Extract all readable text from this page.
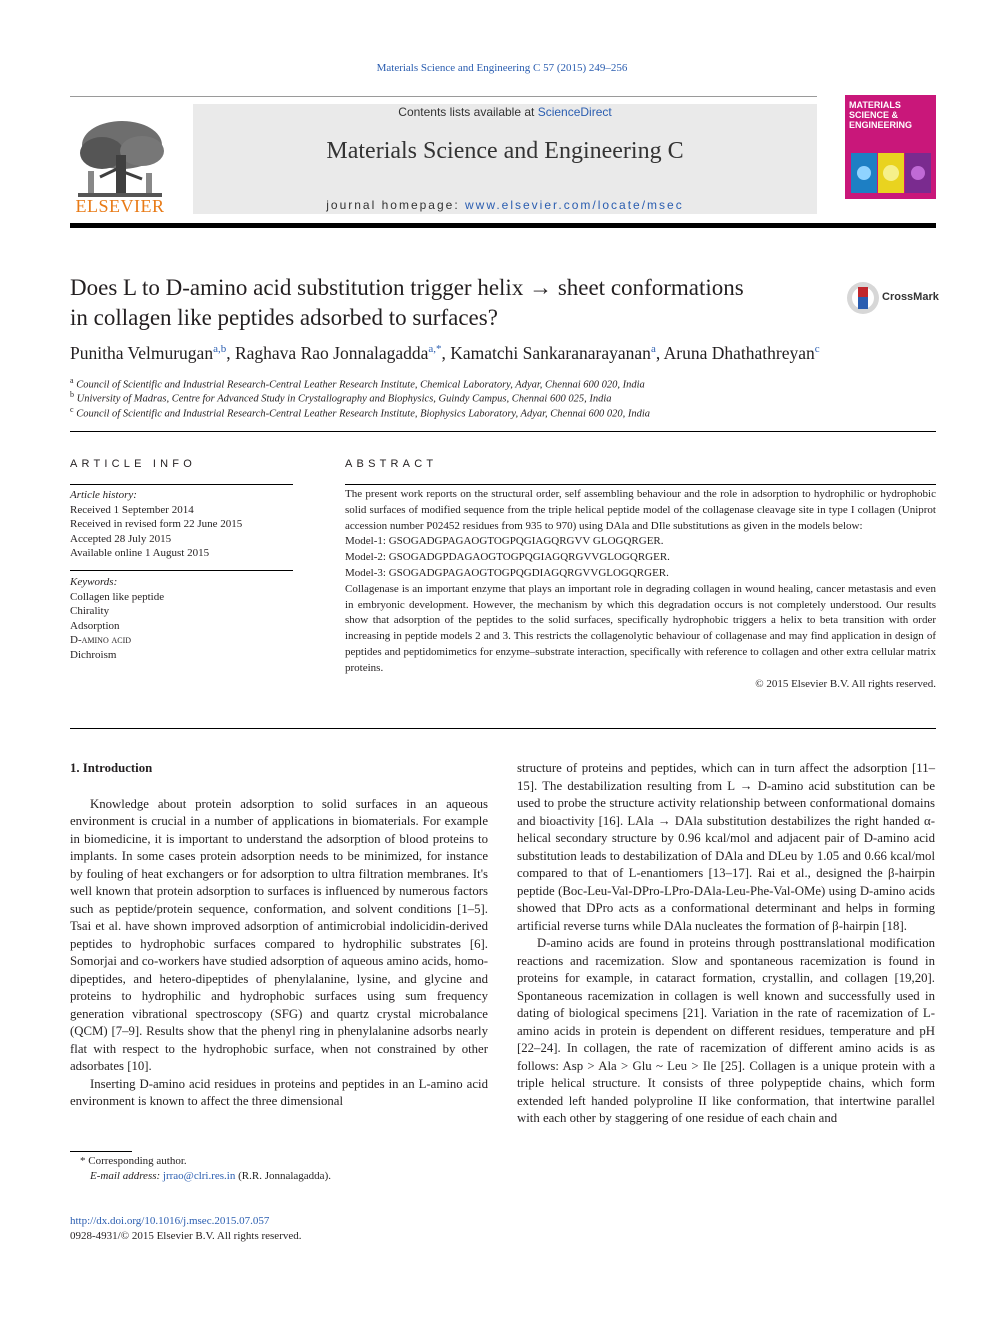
Materials Science and Engineering C 57 (2015) 249–256
Contents lists available at ScienceDirect
Materials Science and Engineering C
journal homepage: www.elsevier.com/locate/msec
ELSEVIER
MATERIALS SCIENCE & ENGINEERING
Does L to D-amino acid substitution trigger helix → sheet conformations
in collagen like peptides adsorbed to surfaces?
CrossMark
Punitha Velmurugan$^{a,b}$, Raghava Rao Jonnalagadda$^{a,*}$, Kamatchi Sankaranarayanan$^a$, Aruna Dhathathreyan$^c$
$^a$ Council of Scientific and Industrial Research-Central Leather Research Institute, Chemical Laboratory, Adyar, Chennai 600 020, India
$^b$ University of Madras, Centre for Advanced Study in Crystallography and Biophysics, Guindy Campus, Chennai 600 025, India
$^c$ Council of Scientific and Industrial Research-Central Leather Research Institute, Biophysics Laboratory, Adyar, Chennai 600 020, India
ARTICLE INFO
Article history:
Received 1 September 2014
Received in revised form 22 June 2015
Accepted 28 July 2015
Available online 1 August 2015
Keywords:
Collagen like peptide
Chirality
Adsorption
D-amino acid
Dichroism
ABSTRACT

The present work reports on the structural order, self assembling behaviour and the role in adsorption to hydrophilic or hydrophobic solid surfaces of modified sequence from the triple helical peptide model of the collagenase cleavage site in type I collagen (Uniprot accession number P02452 residues from 935 to 970) using DAla and DIle substitutions as given in the models below:

Model-1: GSOGADGPAGAOGTOGPQGIAGQRGVV GLOGQRGER.

Model-2: GSOGADGPDAGAOGTOGPQGIAGQRGVVGLOGQRGER.

Model-3: GSOGADGPAGAOGTOGPQGDIAGQRGVVGLOGQRGER.

Collagenase is an important enzyme that plays an important role in degrading collagen in wound healing, cancer metastasis and even in embryonic development. However, the mechanism by which this degradation occurs is not completely understood. Our results show that adsorption of the peptides to the solid surfaces, specifically hydrophobic triggers a helix to beta transition with order increasing in peptide models 2 and 3. This restricts the collagenolytic behaviour of collagenase and may find application in design of peptides and peptidomimetics for enzyme–substrate interaction, specifically with reference to collagen and other extra cellular matrix proteins.

© 2015 Elsevier B.V. All rights reserved.

1. Introduction

Knowledge about protein adsorption to solid surfaces in an aqueous environment is crucial in a number of applications in biomaterials. For example in biomedicine, it is important to understand the adsorption of blood proteins to implants. In some cases protein adsorption needs to be minimized, for instance by fouling of heat exchangers or for adsorption to ultra filtration membranes. It's well known that protein adsorption to surfaces is influenced by numerous factors such as peptide/protein sequence, conformation, and solvent conditions [1–5]. Tsai et al. have shown improved adsorption of antimicrobial indolicidin-derived peptides to hydrophobic surfaces compared to hydrophilic substrates [6]. Somorjai and co-workers have studied adsorption of aqueous amino acids, homo-dipeptides, and hetero-dipeptides of phenylalanine, lysine, and glycine and proteins to hydrophilic and hydrophobic surfaces using sum frequency generation vibrational spectroscopy (SFG) and quartz crystal microbalance (QCM) [7–9]. Results show that the phenyl ring in phenylalanine adsorbs nearly flat with respect to the hydrophobic surface, when not constrained by other adsorbates [10].

Inserting D-amino acid residues in proteins and peptides in an L-amino acid environment is known to affect the three dimensional

structure of proteins and peptides, which can in turn affect the adsorption [11–15]. The destabilization resulting from L → D-amino acid substitution can be used to probe the structure activity relationship between conformational domains and bioactivity [16]. LAla → DAla substitution destabilizes the right handed α-helical secondary structure by 0.96 kcal/mol and adjacent pair of D-amino acid substitution leads to destabilization of DAla and DLeu by 1.05 and 0.66 kcal/mol compared to that of L-enantiomers [13–17]. Rai et al., designed the β-hairpin peptide (Boc-Leu-Val-DPro-LPro-DAla-Leu-Phe-Val-OMe) using D-amino acids showed that DPro acts as a conformational determinant and helps in forming artificial reverse turns while DAla nucleates the formation of β-hairpin [18].

D-amino acids are found in proteins through posttranslational modification reactions and racemization. Slow and spontaneous racemization is found in proteins for example, in cataract formation, crystallin, and collagen [19,20]. Spontaneous racemization in collagen is well known and successfully used in dating of biological specimens [21]. Variation in the rate of racemization of L-amino acids in protein is dependent on different residues, temperature and pH [22–24]. In collagen, the rate of racemization of different amino acids is as follows: Asp > Ala > Glu ~ Leu > Ile [25]. Collagen is a unique protein with a triple helical structure. It consists of three polypeptide chains, which form extended left handed polyproline II like conformation, that intertwine parallel with each other by staggering of one residue of each chain and

* Corresponding author.
E-mail address: jrrao@clri.res.in (R.R. Jonnalagadda).
http://dx.doi.org/10.1016/j.msec.2015.07.057
0928-4931/© 2015 Elsevier B.V. All rights reserved.
